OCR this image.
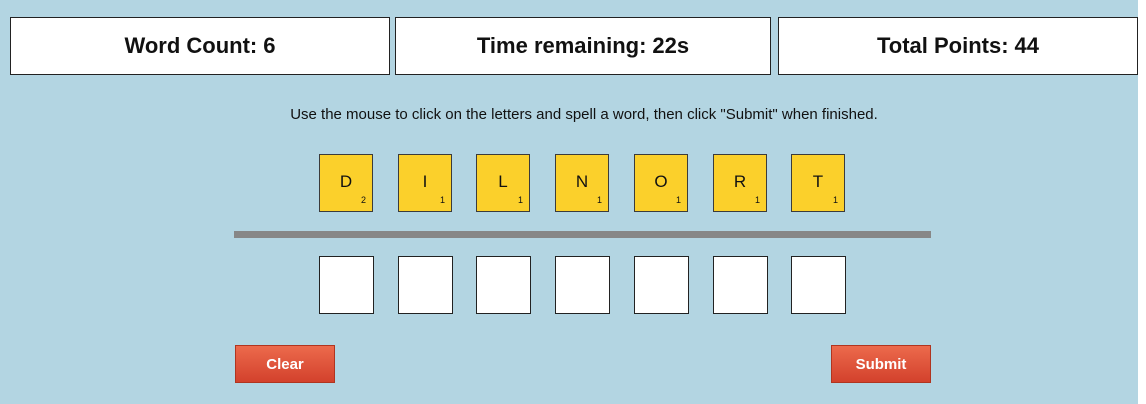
Word Count: 6	Time remaining: 22s	Total Points: 44
Use the mouse to click on the letters and spell a word, then click "Submit" when finished.
D
2
I
1
L
1
N
1
O
1
R
1
T
1
Clear	Submit
